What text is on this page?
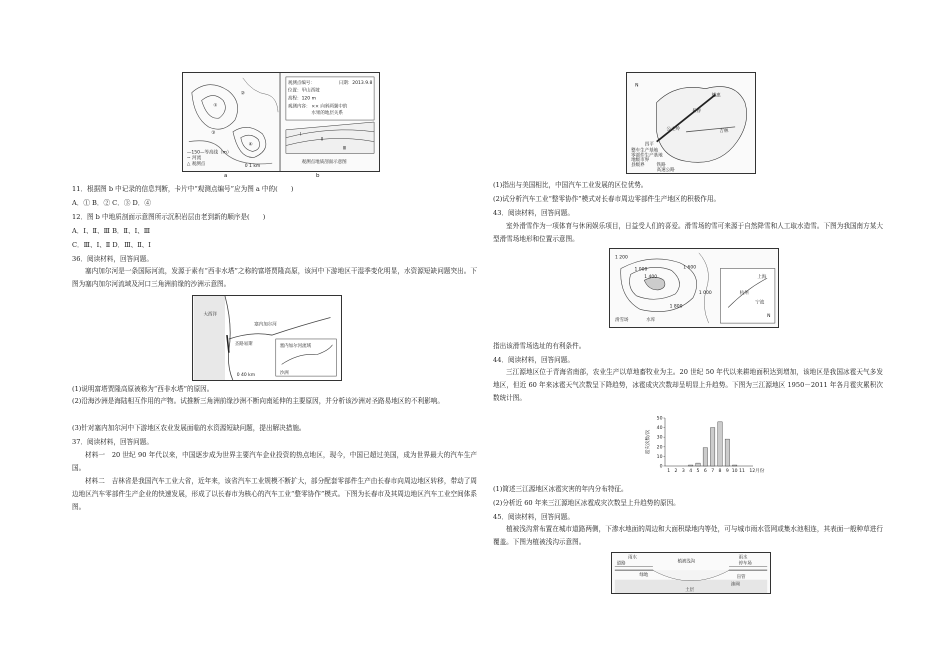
①
②
③
④
—150—等高线（m）
~ 河流
△ 观测点	0 1 km
观测点编号：	日期：2013.9.8
位置： 甲山西坡
高程： 120 m
观测内容： ×× 向斜两翼中的
水果的地层关系
Ⅰ
Ⅱ
Ⅲ
观测点地质剖面示意图
a	b
11．根据图 b 中记录的信息判断，卡片中“观测点编号”应为图 a 中的(　　)
A．① B．② C．③ D．④
12．图 b 中地质剖面示意图所示沉积岩层由老到新的顺序是(　　)
A．Ⅰ、Ⅱ、Ⅲ B．Ⅱ、Ⅰ、Ⅲ
C．Ⅲ、Ⅰ、Ⅱ D．Ⅲ、Ⅱ、Ⅰ
36．阅读材料，回答问题。
塞内加尔河是一条国际河流，发源于素有“西非水塔”之称的富塔贾隆高原，该河中下游地区干湿季变化明显，水资源短缺问题突出。下图为塞内加尔河流域及河口三角洲前缘的沙洲示意图。
大西洋
圣路易斯
塞内加尔河
塞内加尔河流域
沙洲
0 40 km
(1)说明富塔贾隆高原被称为“西非水塔”的原因。
(2)沿海沙洲是海陆相互作用的产物。试推断三角洲前缘沙洲不断向南延伸的主要原因，并分析该沙洲对圣路易地区的不利影响。
(3)针对塞内加尔河中下游地区农业发展面临的水资源短缺问题，提出解决措施。
37．阅读材料，回答问题。
材料一　20 世纪 90 年代以来，中国逐步成为世界主要汽车企业投资的热点地区，现今，中国已超过美国，成为世界最大的汽车生产国。
材料二　吉林省是我国汽车工业大省，近年来，该省汽车工业规模不断扩大，部分配套零部件生产由长春市向周边地区转移，带动了周边地区汽车零部件生产企业的快速发展，形成了以长春市为核心的汽车工业“整零协作”模式。下图为长春市及其周边地区汽车工业空间体系图。
N
长春
四平
公主岭
德惠
吉林
整车生产基地
零部件生产基地
地级市界
县级界	铁路
高速公路
(1)指出与美国相比，中国汽车工业发展的区位优势。
(2)试分析汽车工业“整零协作”模式对长春市周边零部件生产地区的积极作用。
43．阅读材料，回答问题。
室外滑雪作为一项体育与休闲娱乐项目，日益受人们的喜爱。滑雪场的雪可来源于自然降雪和人工取水造雪。下图为我国南方某大型滑雪场地形和位置示意图。
1 200
1 000
1 400
1 600
1 800
1 000
滑雪场	水库
上海
杭州
宁波
N
指出该滑雪场选址的有利条件。
44．阅读材料，回答问题。
三江源地区位于青海省南部，农业生产以草地畜牧业为主。20 世纪 50 年代以来耕地面积达到增加，该地区是我国冰雹天气多发地区，但近 60 年来冰雹天气次数呈下降趋势，冰雹成灾次数却呈明显上升趋势。下图为三江源地区 1950－2011 年各月雹灾累积次数统计图。
0
10
20
30
40
50
雹灾次数/次
1 2 3 4 5 6 7 8 9 10 11 12月份
(1)简述三江源地区冰雹灾害的年内分布特征。
(2)分析近 60 年来三江源地区冰雹成灾次数呈上升趋势的原因。
45．阅读材料，回答问题。
植被浅沟常布置在城市道路两侧，下渗水地面的周边和大面积绿地内等处，可与城市雨水管网或集水池相连，其表面一般种草进行覆盖。下图为植被浅沟示意图。
雨水
道路
绿地
植被浅沟
雨水
停车场
盲管
渗网
土层
